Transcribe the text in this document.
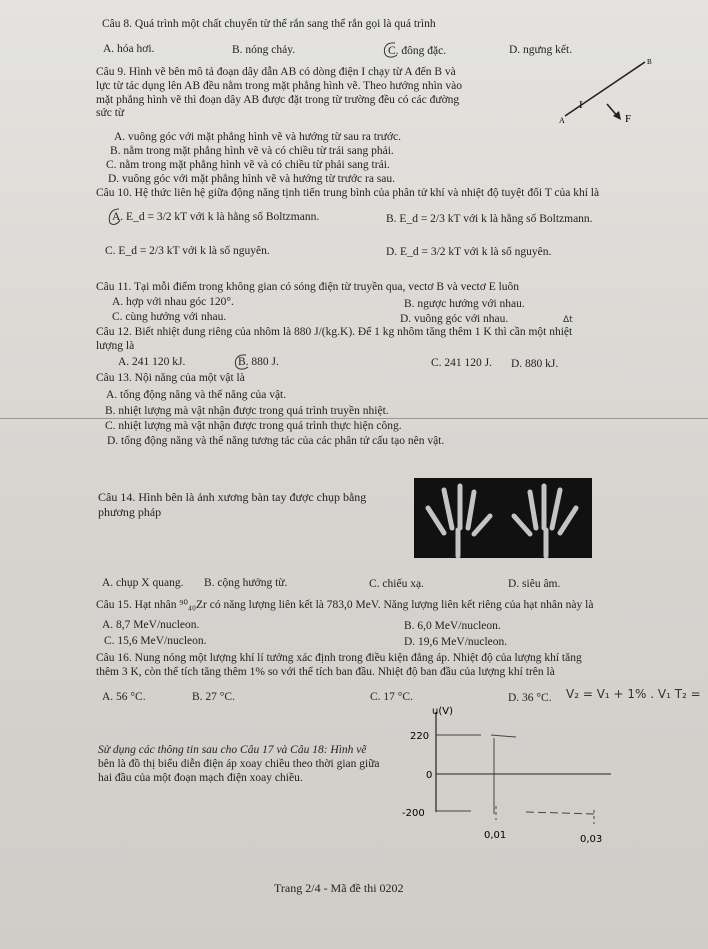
Câu 8. Quá trình một chất chuyển từ thể rắn sang thể rắn gọi là quá trình
A. hóa hơi.	B. nóng chảy.	C. đông đặc.	D. ngưng kết.
Câu 9. Hình vẽ bên mô tả đoạn dây dẫn AB có dòng điện I chạy từ A đến B và
lực từ tác dụng lên AB đều nằm trong mặt phẳng hình vẽ. Theo hướng nhìn vào
mặt phẳng hình vẽ thì đoạn dây AB được đặt trong từ trường đều có các đường
sức từ
B
A
I
F
A. vuông góc với mặt phẳng hình vẽ và hướng từ sau ra trước.
B. nằm trong mặt phẳng hình vẽ và có chiều từ trái sang phải.
C. nằm trong mặt phẳng hình vẽ và có chiều từ phải sang trái.
D. vuông góc với mặt phẳng hình vẽ và hướng từ trước ra sau.
Câu 10. Hệ thức liên hệ giữa động năng tịnh tiến trung bình của phân tử khí và nhiệt độ tuyệt đối T của khí là
A. E_d = 3/2 kT với k là hằng số Boltzmann.	B. E_d = 2/3 kT với k là hằng số Boltzmann.
C. E_d = 2/3 kT với k là số nguyên.	D. E_d = 3/2 kT với k là số nguyên.
Câu 11. Tại mỗi điểm trong không gian có sóng điện từ truyền qua, vectơ B và vectơ E luôn
A. hợp với nhau góc 120°.	B. ngược hướng với nhau.
C. cùng hướng với nhau.	D. vuông góc với nhau.
Câu 12. Biết nhiệt dung riêng của nhôm là 880 J/(kg.K). Để 1 kg nhôm tăng thêm 1 K thì cần một nhiệt
lượng là
Δt
A. 241 120 kJ.	B. 880 J.	C. 241 120 J. D. 880 kJ.
Câu 13. Nội năng của một vật là
A. tổng động năng và thế năng của vật.
B. nhiệt lượng mà vật nhận được trong quá trình truyền nhiệt.
C. nhiệt lượng mà vật nhận được trong quá trình thực hiện công.
D. tổng động năng và thế năng tương tác của các phân tử cấu tạo nên vật.
Câu 14. Hình bên là ảnh xương bàn tay được chụp bằng
phương pháp
A. chụp X quang. B. cộng hưởng từ.	C. chiếu xạ.	D. siêu âm.
Câu 15. Hạt nhân ⁹⁰₄₀Zr có năng lượng liên kết là 783,0 MeV. Năng lượng liên kết riêng của hạt nhân này là
A. 8,7 MeV/nucleon.	B. 6,0 MeV/nucleon.
C. 15,6 MeV/nucleon.	D. 19,6 MeV/nucleon.
Câu 16. Nung nóng một lượng khí lí tưởng xác định trong điều kiện đẳng áp. Nhiệt độ của lượng khí tăng
thêm 3 K, còn thể tích tăng thêm 1% so với thể tích ban đầu. Nhiệt độ ban đầu của lượng khí trên là
A. 56 °C.	B. 27 °C.	C. 17 °C.	D. 36 °C. V₂ = V₁ + 1% . V₁ T₂ =
Sử dụng các thông tin sau cho Câu 17 và Câu 18: Hình vẽ
bên là đồ thị biểu diễn điện áp xoay chiều theo thời gian giữa
hai đầu của một đoạn mạch điện xoay chiều.
u(V)
220
0
-200
0,01	0,03
Trang 2/4 - Mã đề thi 0202
